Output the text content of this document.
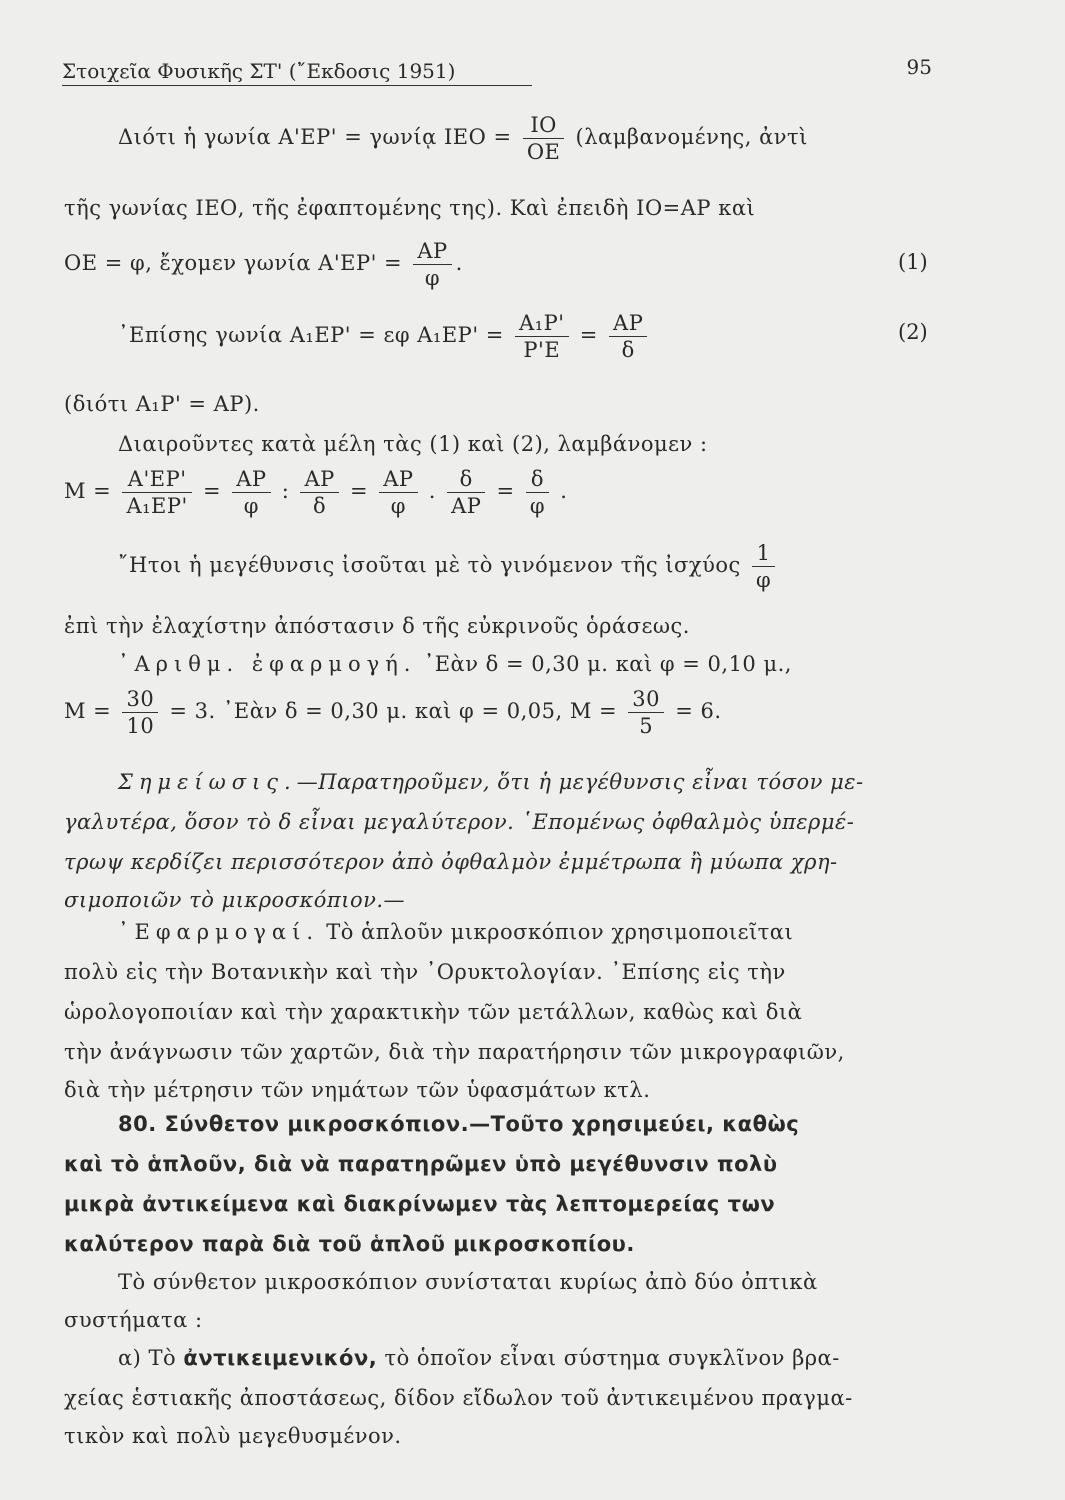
Στοιχεῖα Φυσικῆς ΣΤ' (῎Εκδοσις 1951)	95
Διότι ἡ γωνία Α'ΕΡ' = γωνίᾳ $IEO = \frac{IO}{OE} (\lambda\alpha\mu\beta\alpha\nu o\mu έ\nu\eta\varsigma$, ἀντὶ
τῆς γωνίας ΙΕΟ, τῆς ἐφαπτομένης της). Καὶ ἐπειδὴ ΙΟ=ΑΡ καὶ
ΟΕ = φ, ἔχομεν γωνία $A'EP' = \frac{AP}{\varphi}$ .	(1)
᾿Επίσης γωνία Α₁ΕΡ' = εφ $A_1EP' = \frac{\text{Α₁Ρ'}}{P'E} = \frac{AP}{\delta}$	(2)
(διότι Α₁Ρ' = ΑΡ).
Διαιροῦντες κατὰ μέλη τὰς (1) καὶ (2), λαμβάνομεν :
$M = \frac{A'EP'}{\text{Α₁ΕΡ'}} = \frac{AP}{\varphi}$ : $\frac{AP}{\delta} = \frac{AP}{\varphi}$ . $\frac{\delta}{AP} = \frac{\delta}{\varphi}$ .
῎Ητοι ἡ μεγέθυνσις ἰσοῦται μὲ τὸ γινόμενον τῆς ἰσχύος $\frac{1}{\varphi}$
ἐπὶ τὴν ἐλαχίστην ἀπόστασιν δ τῆς εὐκρινοῦς ὁράσεως.
᾿Αριθμ. ἐφαρμογή. ᾿Εὰν δ = 0,30 μ. καὶ φ = 0,10 μ.,
$M = \frac{30}{10} = 3$. ᾿Εὰν δ = 0,30 μ. καὶ φ = 0,05, $M = \frac{30}{5} = 6$.
Σημείωσις.—Παρατηροῦμεν, ὅτι ἡ μεγέθυνσις εἶναι τόσον με-
γαλυτέρα, ὅσον τὸ δ εἶναι μεγαλύτερον. ῾Επομένως ὀφθαλμὸς ὑπερμέ-
τρωψ κερδίζει περισσότερον ἀπὸ ὀφθαλμὸν ἐμμέτρωπα ἢ μύωπα χρη-
σιμοποιῶν τὸ μικροσκόπιον.—
᾿Εφαρμογαί. Τὸ ἁπλοῦν μικροσκόπιον χρησιμοποιεῖται
πολὺ εἰς τὴν Βοτανικὴν καὶ τὴν ᾿Ορυκτολογίαν. ᾿Επίσης εἰς τὴν
ὡρολογοποιίαν καὶ τὴν χαρακτικὴν τῶν μετάλλων, καθὼς καὶ διὰ
τὴν ἀνάγνωσιν τῶν χαρτῶν, διὰ τὴν παρατήρησιν τῶν μικρογραφιῶν,
διὰ τὴν μέτρησιν τῶν νημάτων τῶν ὑφασμάτων κτλ.
80. Σύνθετον μικροσκόπιον.—Τοῦτο χρησιμεύει, καθὼς
καὶ τὸ ἁπλοῦν, διὰ νὰ παρατηρῶμεν ὑπὸ μεγέθυνσιν πολὺ
μικρὰ ἀντικείμενα καὶ διακρίνωμεν τὰς λεπτομερείας των
καλύτερον παρὰ διὰ τοῦ ἁπλοῦ μικροσκοπίου.
Τὸ σύνθετον μικροσκόπιον συνίσταται κυρίως ἀπὸ δύο ὀπτικὰ
συστήματα :
α) Τὸ ἀντικειμενικόν, τὸ ὁποῖον εἶναι σύστημα συγκλῖνον βρα-
χείας ἑστιακῆς ἀποστάσεως, δίδον εἴδωλον τοῦ ἀντικειμένου πραγμα-
τικὸν καὶ πολὺ μεγεθυσμένον.
